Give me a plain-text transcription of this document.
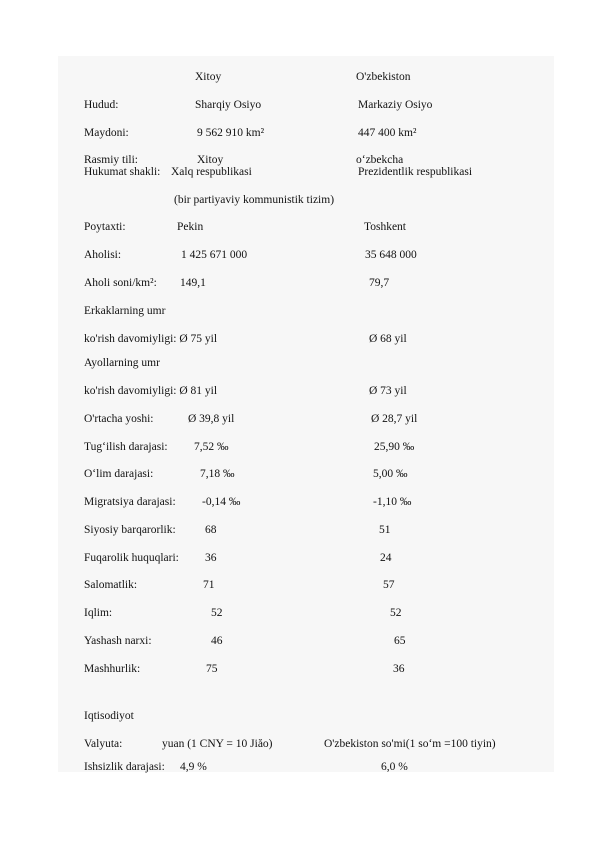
Xitoy	O'zbekiston
Hudud:	Sharqiy Osiyo	Markaziy Osiyo
Maydoni:	9 562 910 km²	447 400 km²
Rasmiy tili:	Xitoy	o‘zbekcha
Hukumat shakli: Xalq respublikasi	Prezidentlik respublikasi
(bir partiyaviy kommunistik tizim)
Poytaxti:	Pekin	Toshkent
Aholisi:	1 425 671 000	35 648 000
Aholi soni/km²: 149,1	79,7
Erkaklarning umr
ko'rish davomiyligi: Ø 75 yil	Ø 68 yil
Ayollarning umr
ko'rish davomiyligi: Ø 81 yil	Ø 73 yil
O'rtacha yoshi:	Ø 39,8 yil	Ø 28,7 yil
Tug‘ilish darajasi: 7,52 ‰	25,90 ‰
O‘lim darajasi:	7,18 ‰	5,00 ‰
Migratsiya darajasi: -0,14 ‰	-1,10 ‰
Siyosiy barqarorlik:	68	51
Fuqarolik huquqlari: 36	24
Salomatlik:	71	57
Iqlim:	52	52
Yashash narxi:	46	65
Mashhurlik:	75	36
Iqtisodiyot
Valyuta:	yuan (1 CNY = 10 Jiăo)	O'zbekiston so'mi(1 so‘m =100 tiyin)
Ishsizlik darajasi: 4,9 %	6,0 %
